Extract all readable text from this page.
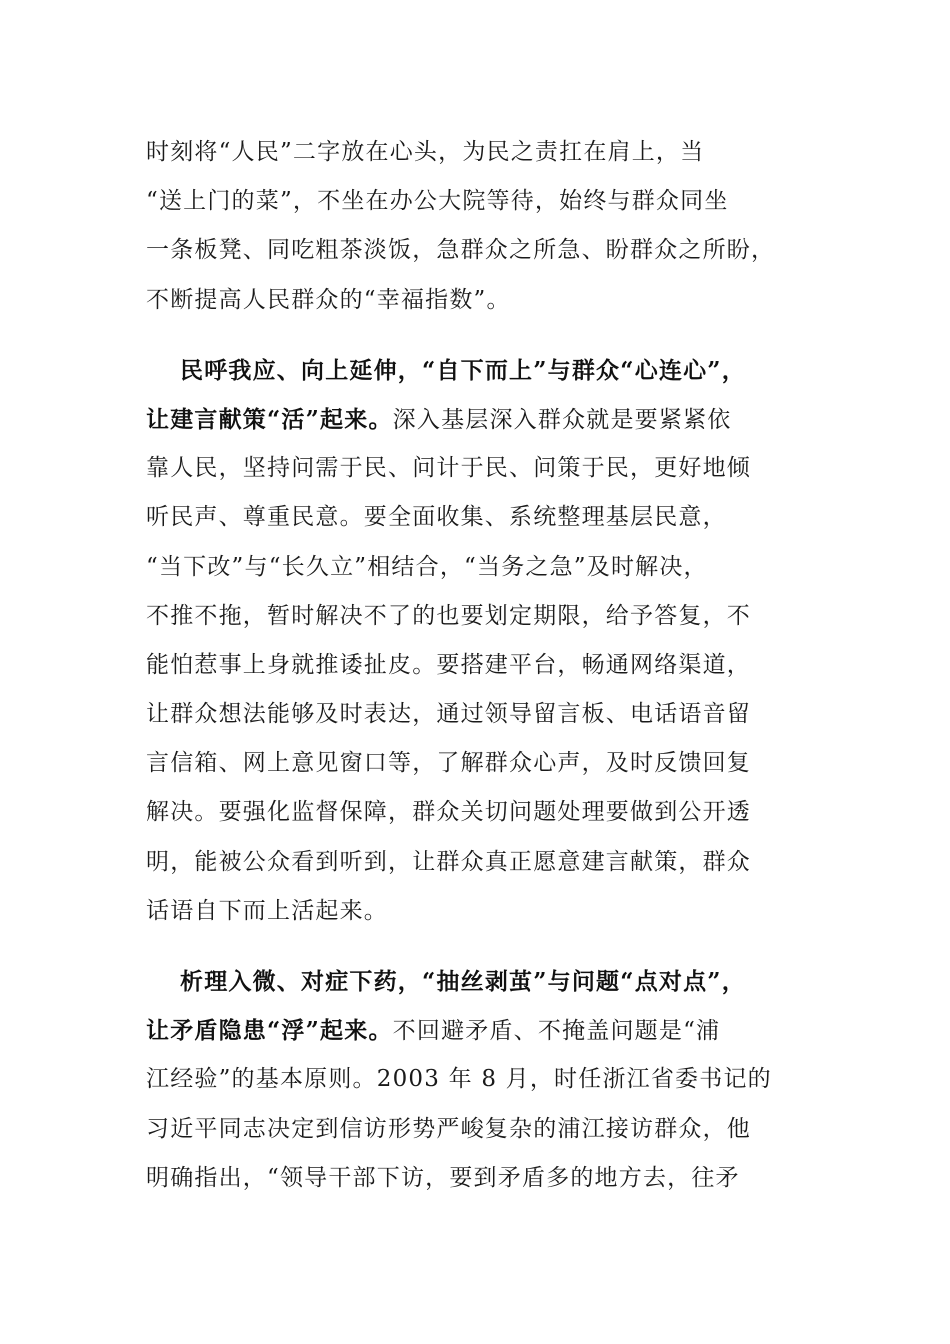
时刻将“人民”二字放在心头，为民之责扛在肩上，当
“送上门的菜”，不坐在办公大院等待，始终与群众同坐
一条板凳、同吃粗茶淡饭，急群众之所急、盼群众之所盼，
不断提高人民群众的“幸福指数”。
民呼我应、向上延伸，“自下而上”与群众“心连心”，
让建言献策“活”起来。深入基层深入群众就是要紧紧依
靠人民，坚持问需于民、问计于民、问策于民，更好地倾
听民声、尊重民意。要全面收集、系统整理基层民意，
“当下改”与“长久立”相结合，“当务之急”及时解决，
不推不拖，暂时解决不了的也要划定期限，给予答复，不
能怕惹事上身就推诿扯皮。要搭建平台，畅通网络渠道，
让群众想法能够及时表达，通过领导留言板、电话语音留
言信箱、网上意见窗口等，了解群众心声，及时反馈回复
解决。要强化监督保障，群众关切问题处理要做到公开透
明，能被公众看到听到，让群众真正愿意建言献策，群众
话语自下而上活起来。
析理入微、对症下药，“抽丝剥茧”与问题“点对点”，
让矛盾隐患“浮”起来。不回避矛盾、不掩盖问题是“浦
江经验”的基本原则。2003 年 8 月，时任浙江省委书记的
习近平同志决定到信访形势严峻复杂的浦江接访群众，他
明确指出，“领导干部下访，要到矛盾多的地方去，往矛
